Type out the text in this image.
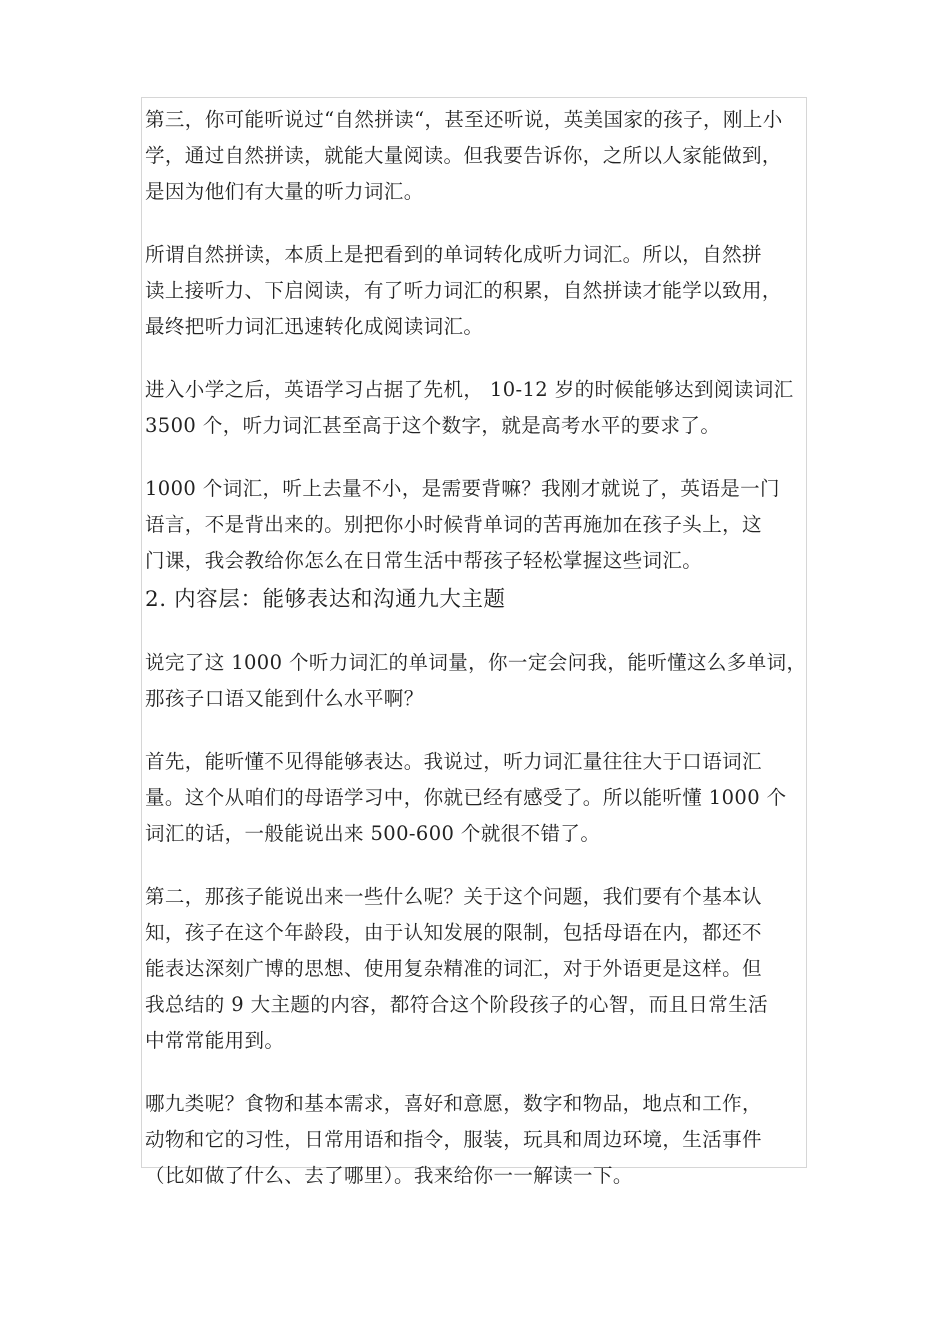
第三，你可能听说过“自然拼读“，甚至还听说，英美国家的孩子，刚上小
学，通过自然拼读，就能大量阅读。但我要告诉你，之所以人家能做到，
是因为他们有大量的听力词汇。
所谓自然拼读，本质上是把看到的单词转化成听力词汇。所以，自然拼
读上接听力、下启阅读，有了听力词汇的积累，自然拼读才能学以致用，
最终把听力词汇迅速转化成阅读词汇。
进入小学之后，英语学习占据了先机， 10-12 岁的时候能够达到阅读词汇
3500 个，听力词汇甚至高于这个数字，就是高考水平的要求了。
1000 个词汇，听上去量不小，是需要背嘛？我刚才就说了，英语是一门
语言，不是背出来的。别把你小时候背单词的苦再施加在孩子头上，这
门课，我会教给你怎么在日常生活中帮孩子轻松掌握这些词汇。
2. 内容层：能够表达和沟通九大主题
说完了这 1000 个听力词汇的单词量，你一定会问我，能听懂这么多单词，
那孩子口语又能到什么水平啊？
首先，能听懂不见得能够表达。我说过，听力词汇量往往大于口语词汇
量。这个从咱们的母语学习中，你就已经有感受了。所以能听懂 1000 个
词汇的话，一般能说出来 500-600 个就很不错了。
第二，那孩子能说出来一些什么呢？关于这个问题，我们要有个基本认
知，孩子在这个年龄段，由于认知发展的限制，包括母语在内，都还不
能表达深刻广博的思想、使用复杂精准的词汇，对于外语更是这样。但
我总结的 9 大主题的内容，都符合这个阶段孩子的心智，而且日常生活
中常常能用到。
哪九类呢？食物和基本需求，喜好和意愿，数字和物品，地点和工作，
动物和它的习性，日常用语和指令，服装，玩具和周边环境，生活事件
（比如做了什么、去了哪里）。我来给你一一解读一下。
